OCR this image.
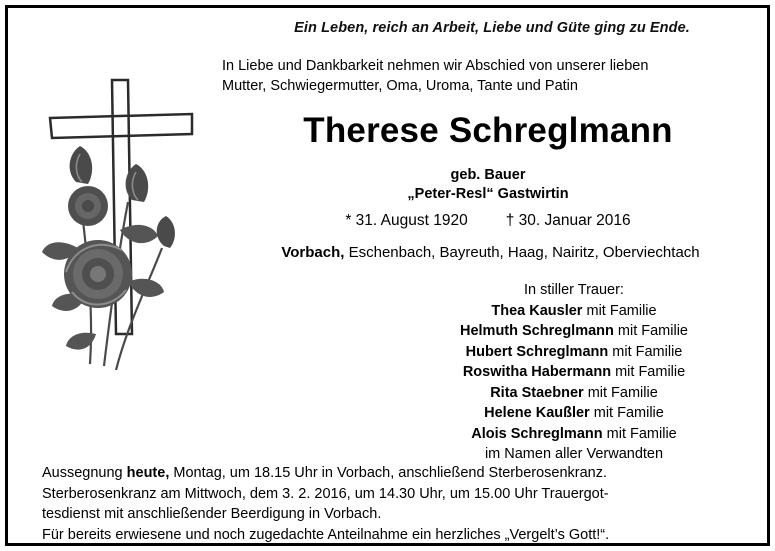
Ein Leben, reich an Arbeit, Liebe und Güte ging zu Ende.
In Liebe und Dankbarkeit nehmen wir Abschied von unserer lieben
Mutter, Schwiegermutter, Oma, Uroma, Tante und Patin
Therese Schreglmann
geb. Bauer
„Peter-Resl“ Gastwirtin
* 31. August 1920 † 30. Januar 2016
Vorbach, Eschenbach, Bayreuth, Haag, Nairitz, Oberviechtach
In stiller Trauer:
Thea Kausler mit Familie
Helmuth Schreglmann mit Familie
Hubert Schreglmann mit Familie
Roswitha Habermann mit Familie
Rita Staebner mit Familie
Helene Kaußler mit Familie
Alois Schreglmann mit Familie
im Namen aller Verwandten
Aussegnung heute, Montag, um 18.15 Uhr in Vorbach, anschließend Sterberosenkranz.
Sterberosenkranz am Mittwoch, dem 3. 2. 2016, um 14.30 Uhr, um 15.00 Uhr Trauergot-
tesdienst mit anschließender Beerdigung in Vorbach.
Für bereits erwiesene und noch zugedachte Anteilnahme ein herzliches „Vergelt’s Gott!“.
